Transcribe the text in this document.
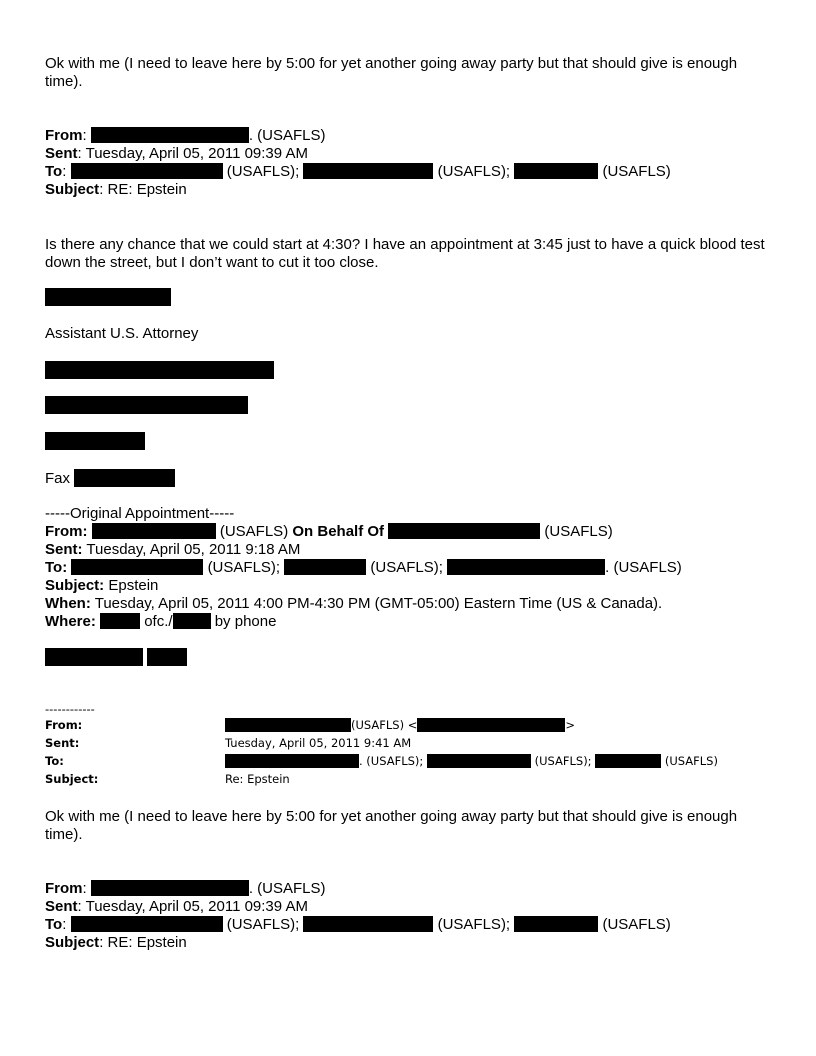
Ok with me (I need to leave here by 5:00 for yet another going away party but that should give is enough time).
From:	. (USAFLS)
Sent: Tuesday, April 05, 2011 09:39 AM
To:	(USAFLS);	(USAFLS);	(USAFLS)
Subject: RE: Epstein
Is there any chance that we could start at 4:30? I have an appointment at 3:45 just to have a quick blood test down the street, but I don’t want to cut it too close.
Assistant U.S. Attorney
Fax
-----Original Appointment-----
From:	(USAFLS) On Behalf Of	(USAFLS)
Sent: Tuesday, April 05, 2011 9:18 AM
To:	(USAFLS);	(USAFLS);	. (USAFLS)
Subject: Epstein
When: Tuesday, April 05, 2011 4:00 PM-4:30 PM (GMT-05:00) Eastern Time (US & Canada).
Where:	ofc./	by phone
------------
From:	(USAFLS) <	>
Sent:	Tuesday, April 05, 2011 9:41 AM
To:	. (USAFLS);	(USAFLS);	(USAFLS)
Subject:	Re: Epstein
Ok with me (I need to leave here by 5:00 for yet another going away party but that should give is enough time).
From:	. (USAFLS)
Sent: Tuesday, April 05, 2011 09:39 AM
To:	(USAFLS);	(USAFLS);	(USAFLS)
Subject: RE: Epstein
